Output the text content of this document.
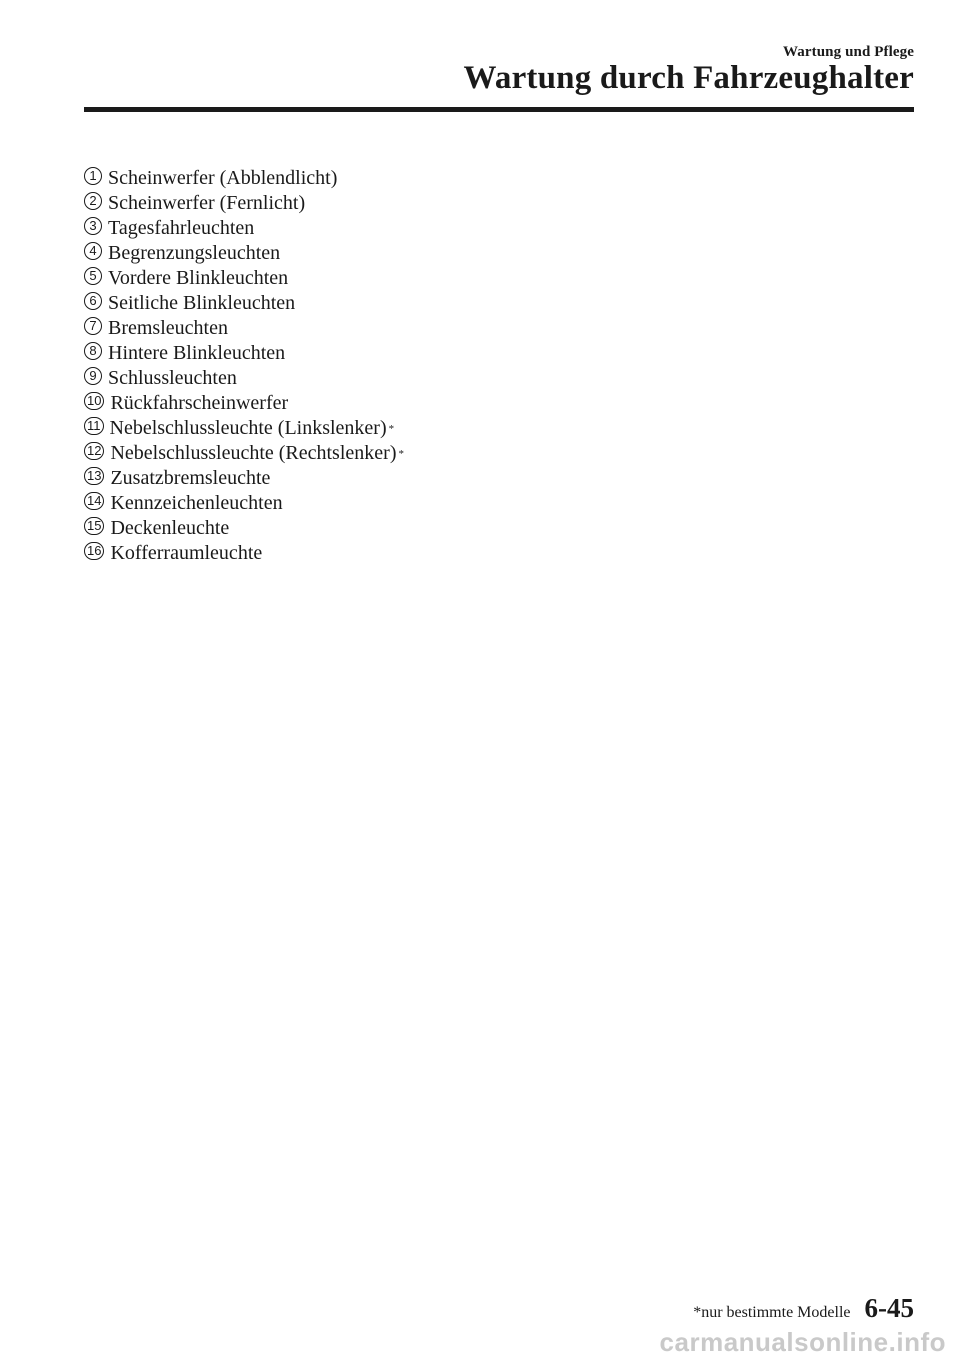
Wartung und Pflege
Wartung durch Fahrzeughalter
1 Scheinwerfer (Abblendlicht)
2 Scheinwerfer (Fernlicht)
3 Tagesfahrleuchten
4 Begrenzungsleuchten
5 Vordere Blinkleuchten
6 Seitliche Blinkleuchten
7 Bremsleuchten
8 Hintere Blinkleuchten
9 Schlussleuchten
10 Rückfahrscheinwerfer
11 Nebelschlussleuchte (Linkslenker) *
12 Nebelschlussleuchte (Rechtslenker) *
13 Zusatzbremsleuchte
14 Kennzeichenleuchten
15 Deckenleuchte
16 Kofferraumleuchte
*nur bestimmte Modelle 6-45
carmanualsonline.info
